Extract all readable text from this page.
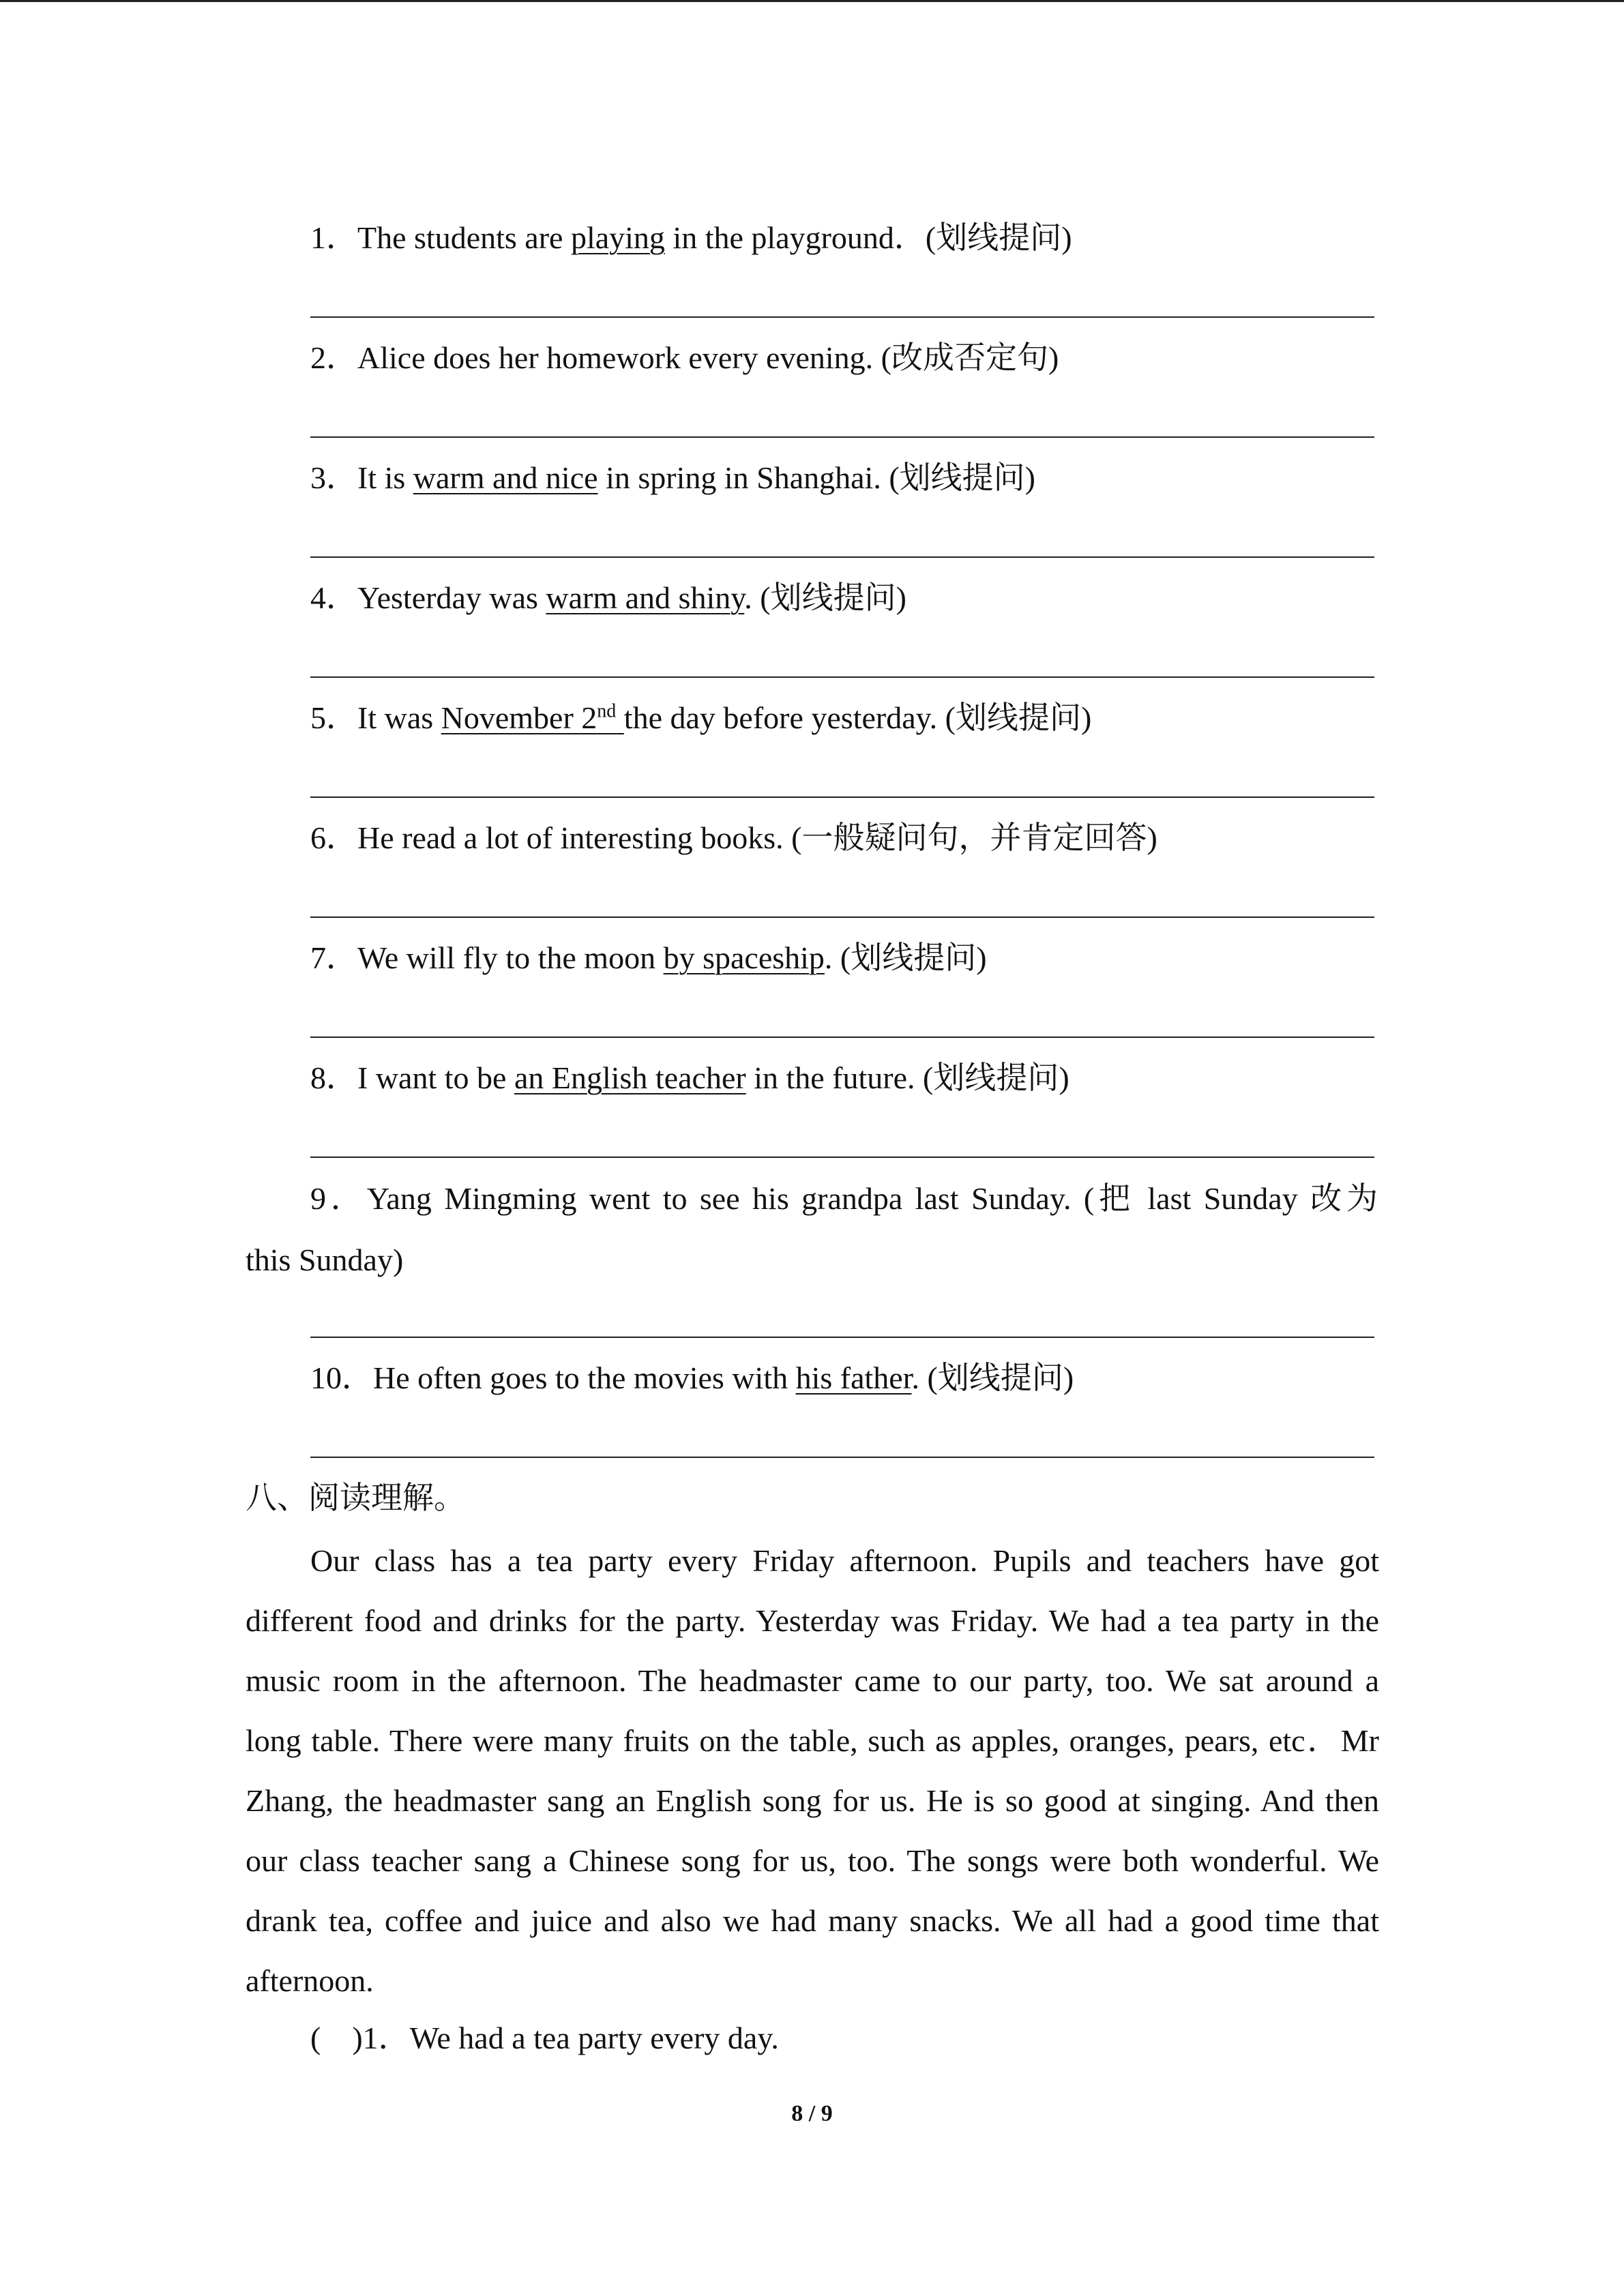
1．The students are playing in the playground．(划线提问)
2．Alice does her homework every evening. (改成否定句)
3．It is warm and nice in spring in Shanghai. (划线提问)
4．Yesterday was warm and shiny. (划线提问)
5．It was November 2nd the day before yesterday. (划线提问)
6．He read a lot of interesting books. (一般疑问句，并肯定回答)
7．We will fly to the moon by spaceship. (划线提问)
8．I want to be an English teacher in the future. (划线提问)
9．Yang Mingming went to see his grandpa last Sunday. (把 last Sunday 改为
this Sunday)
10．He often goes to the movies with his father. (划线提问)
八、阅读理解。
Our class has a tea party every Friday afternoon. Pupils and teachers have got
different food and drinks for the party. Yesterday was Friday. We had a tea party in the
music room in the afternoon. The headmaster came to our party, too. We sat around a
long table. There were many fruits on the table, such as apples, oranges, pears, etc．Mr
Zhang, the headmaster sang an English song for us. He is so good at singing. And then
our class teacher sang a Chinese song for us, too. The songs were both wonderful. We
drank tea, coffee and juice and also we had many snacks. We all had a good time that
afternoon.
(    )1．We had a tea party every day.
8 / 9
